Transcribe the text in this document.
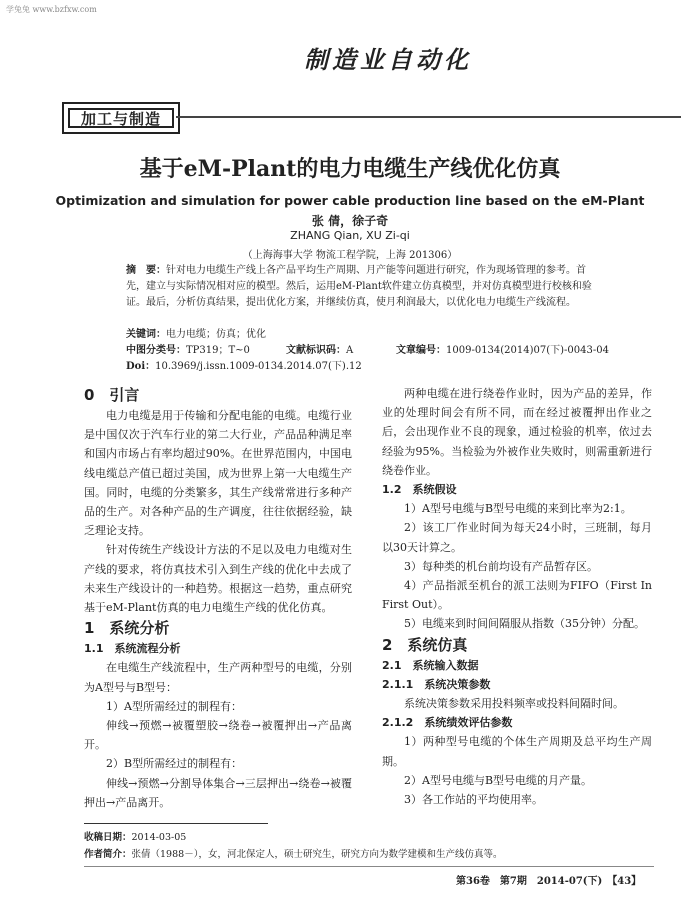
学兔兔 www.bzfxw.com
制造业自动化
加工与制造
基于eM-Plant的电力电缆生产线优化仿真
Optimization and simulation for power cable production line based on the eM-Plant
张 倩，徐子奇
ZHANG Qian, XU Zi-qi
（上海海事大学 物流工程学院，上海 201306）
摘　要：针对电力电缆生产线上各产品平均生产周期、月产能等问题进行研究，作为现场管理的参考。首先，建立与实际情况相对应的模型。然后，运用eM-Plant软件建立仿真模型，并对仿真模型进行校核和验证。最后，分析仿真结果，提出优化方案，并继续仿真，使月利润最大，以优化电力电缆生产线流程。
关键词：电力电缆；仿真；优化
中图分类号：TP319；T~0	文献标识码：A	文章编号：1009-0134(2014)07(下)-0043-04
Doi：10.3969/j.issn.1009-0134.2014.07(下).12

0　引言

电力电缆是用于传输和分配电能的电缆。电缆行业是中国仅次于汽车行业的第二大行业，产品品种满足率和国内市场占有率均超过90%。在世界范围内，中国电线电缆总产值已超过美国，成为世界上第一大电缆生产国。同时，电缆的分类繁多，其生产线常常进行多种产品的生产。对各种产品的生产调度，往往依据经验，缺乏理论支持。

针对传统生产线设计方法的不足以及电力电缆对生产线的要求，将仿真技术引入到生产线的优化中去成了未来生产线设计的一种趋势。根据这一趋势，重点研究基于eM-Plant仿真的电力电缆生产线的优化仿真。

1　系统分析

1.1　系统流程分析

在电缆生产线流程中，生产两种型号的电缆，分别为A型号与B型号：

1）A型所需经过的制程有：

伸线→预燃→被覆塑胶→绕卷→被覆押出→产品离开。

2）B型所需经过的制程有：

伸线→预燃→分割导体集合→三层押出→绕卷→被覆押出→产品离开。

两种电缆在进行绕卷作业时，因为产品的差异，作业的处理时间会有所不同，而在经过被覆押出作业之后，会出现作业不良的现象，通过检验的机率，依过去经验为95%。当检验为外被作业失败时，则需重新进行绕卷作业。

1.2　系统假设

1）A型号电缆与B型号电缆的来到比率为2:1。

2）该工厂作业时间为每天24小时，三班制，每月以30天计算之。

3）每种类的机台前均设有产品暂存区。

4）产品指派至机台的派工法则为FIFO（First In First Out）。

5）电缆来到时间间隔服从指数（35分钟）分配。

2　系统仿真

2.1　系统输入数据

2.1.1　系统决策参数

系统决策参数采用投料频率或投料间隔时间。

2.1.2　系统绩效评估参数

1）两种型号电缆的个体生产周期及总平均生产周期。

2）A型号电缆与B型号电缆的月产量。

3）各工作站的平均使用率。

收稿日期：2014-03-05
作者简介：张倩（1988－），女，河北保定人，硕士研究生，研究方向为数学建模和生产线仿真等。
第36卷　第7期　2014-07(下)　【43】
